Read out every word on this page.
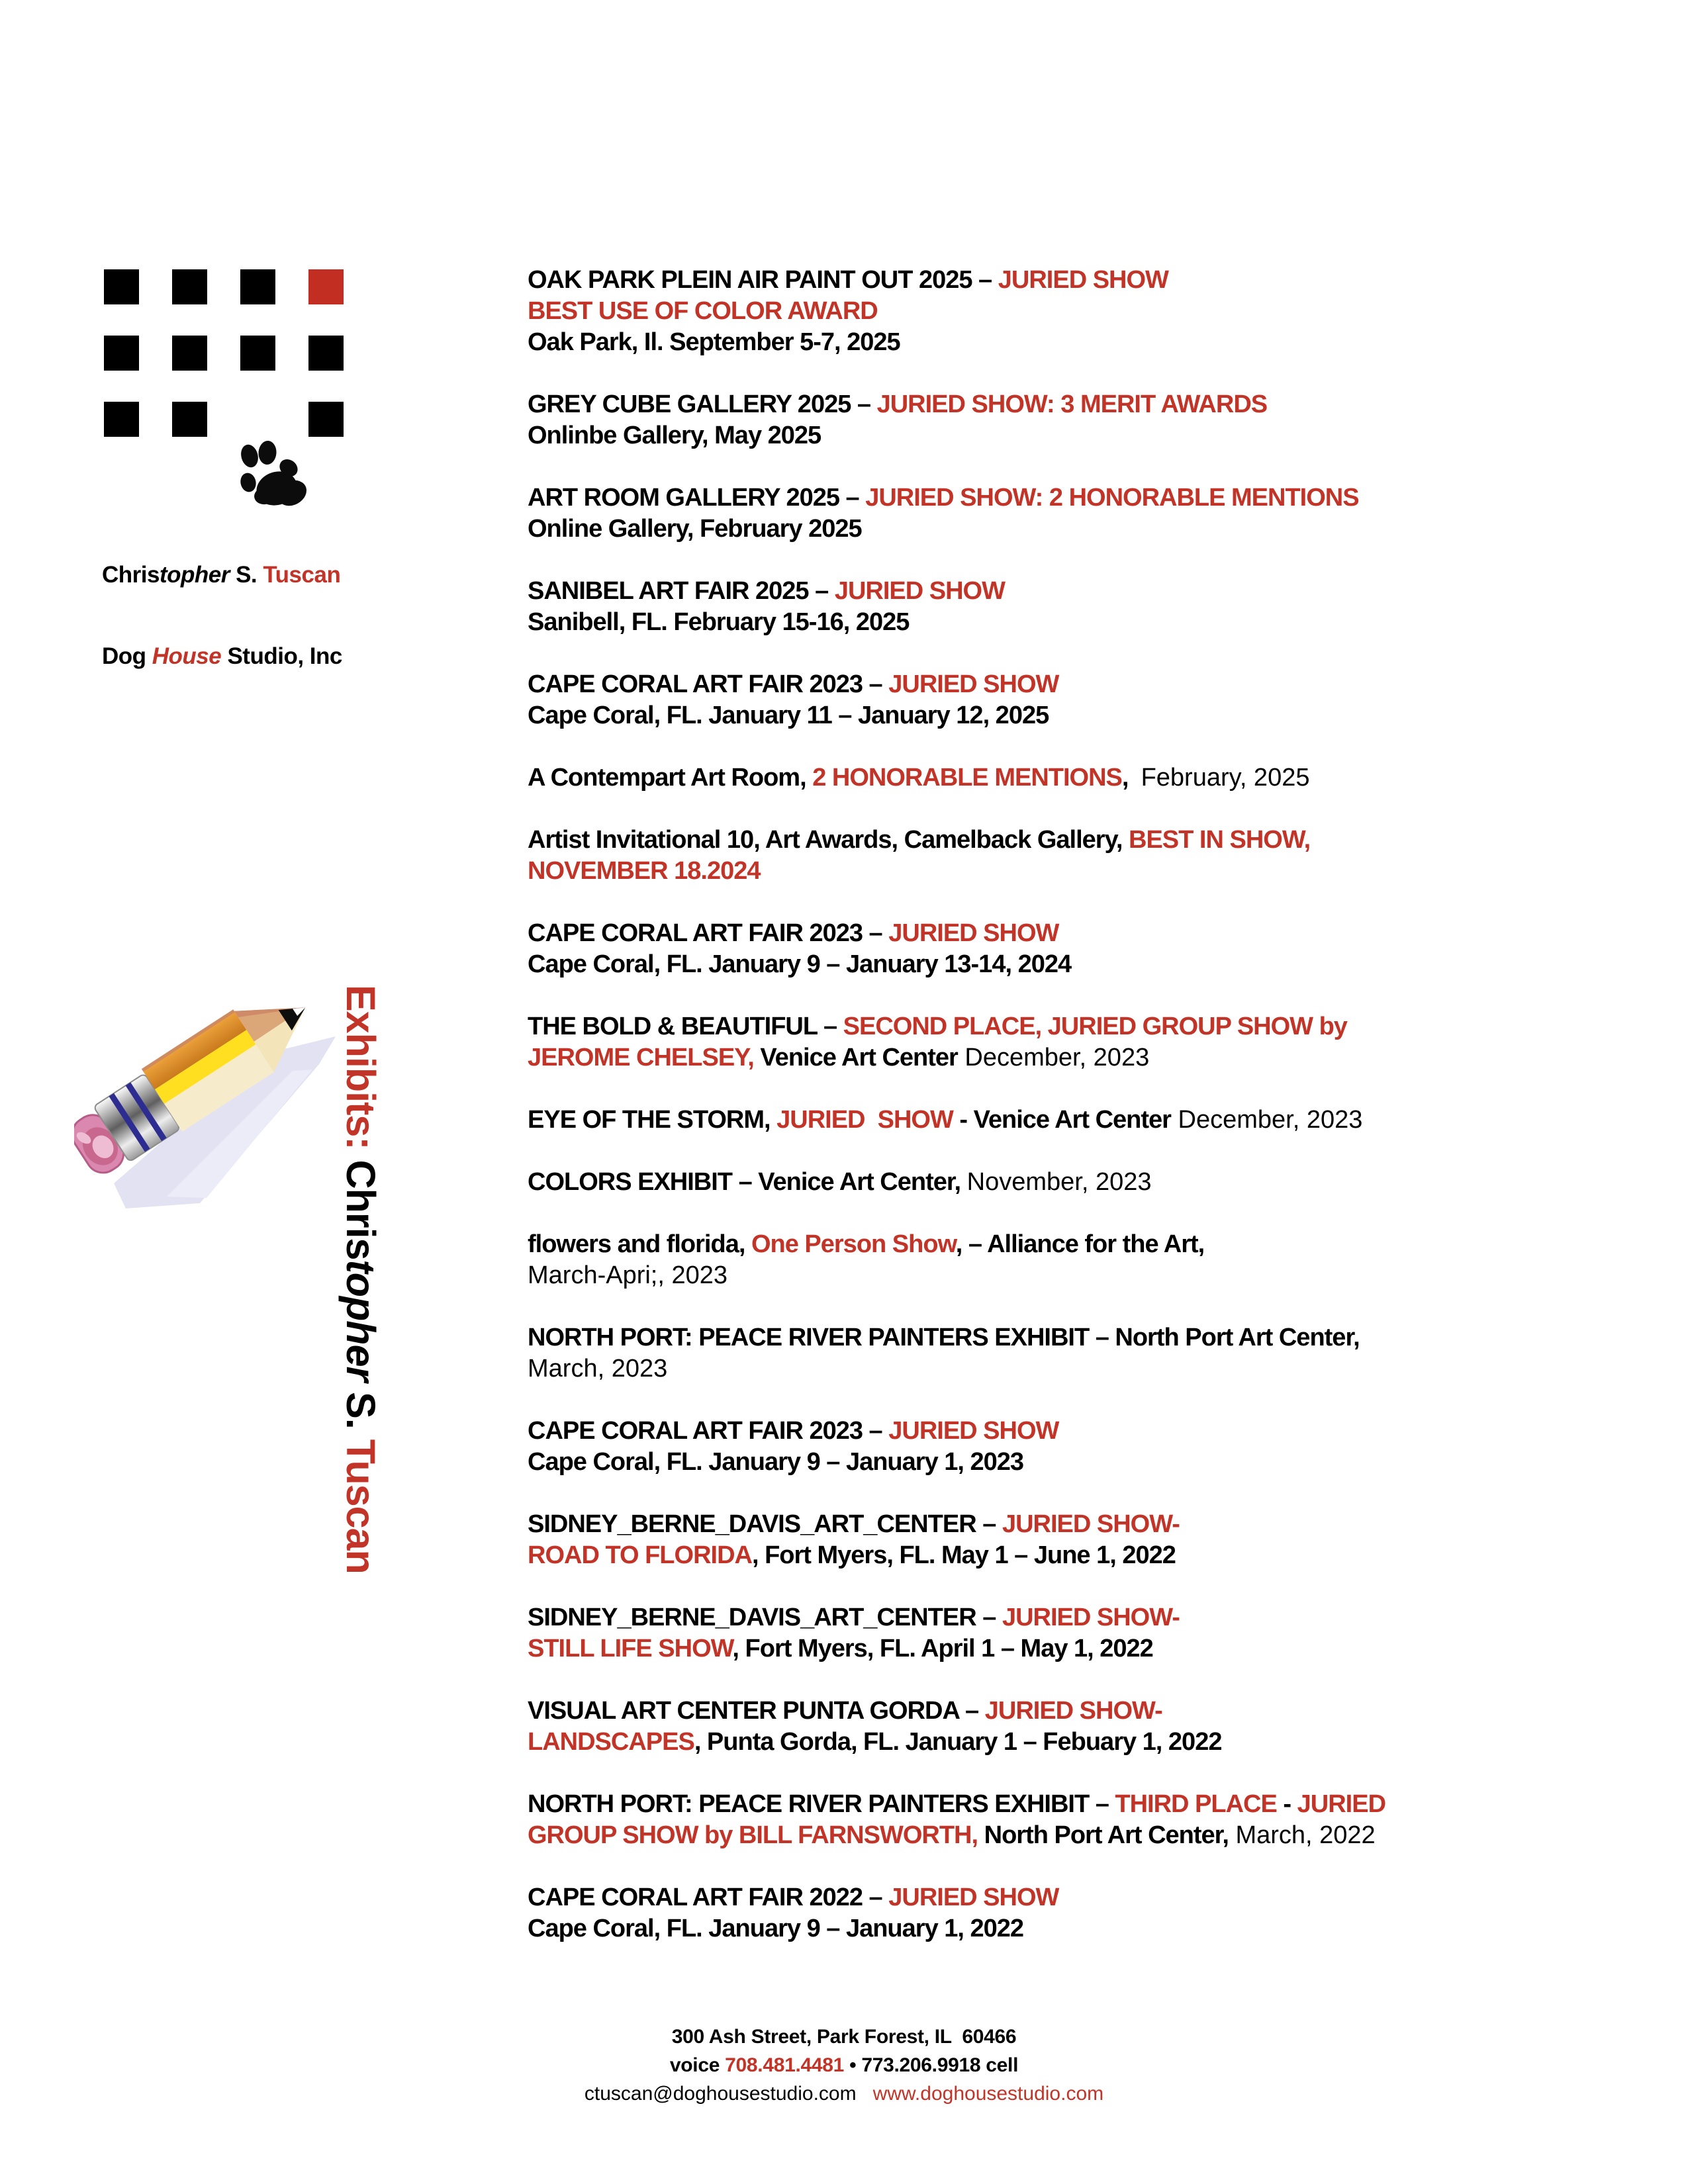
Christopher S. Tuscan

Dog House Studio, Inc

Exhibits: Christopher S. Tuscan
OAK PARK PLEIN AIR PAINT OUT 2025 – JURIED SHOW
BEST USE OF COLOR AWARD
Oak Park, Il. September 5-7, 2025
GREY CUBE GALLERY 2025 – JURIED SHOW: 3 MERIT AWARDS
Onlinbe Gallery, May 2025
ART ROOM GALLERY 2025 – JURIED SHOW: 2 HONORABLE MENTIONS
Online Gallery, February 2025
SANIBEL ART FAIR 2025 – JURIED SHOW
Sanibell, FL. February 15-16, 2025
CAPE CORAL ART FAIR 2023 – JURIED SHOW
Cape Coral, FL. January 11 – January 12, 2025
A Contempart Art Room, 2 HONORABLE MENTIONS,  February, 2025
Artist Invitational 10, Art Awards, Camelback Gallery, BEST IN SHOW,
NOVEMBER 18.2024
CAPE CORAL ART FAIR 2023 – JURIED SHOW
Cape Coral, FL. January 9 – January 13-14, 2024
THE BOLD & BEAUTIFUL – SECOND PLACE, JURIED GROUP SHOW by
JEROME CHELSEY, Venice Art Center December, 2023
EYE OF THE STORM, JURIED  SHOW - Venice Art Center December, 2023
COLORS EXHIBIT – Venice Art Center, November, 2023
flowers and florida, One Person Show, – Alliance for the Art,
March-Apri;, 2023
NORTH PORT: PEACE RIVER PAINTERS EXHIBIT – North Port Art Center,
March, 2023
CAPE CORAL ART FAIR 2023 – JURIED SHOW
Cape Coral, FL. January 9 – January 1, 2023
SIDNEY_BERNE_DAVIS_ART_CENTER – JURIED SHOW-
ROAD TO FLORIDA, Fort Myers, FL. May 1 – June 1, 2022
SIDNEY_BERNE_DAVIS_ART_CENTER – JURIED SHOW-
STILL LIFE SHOW, Fort Myers, FL. April 1 – May 1, 2022
VISUAL ART CENTER PUNTA GORDA – JURIED SHOW-
LANDSCAPES, Punta Gorda, FL. January 1 – Febuary 1, 2022
NORTH PORT: PEACE RIVER PAINTERS EXHIBIT – THIRD PLACE - JURIED
GROUP SHOW by BILL FARNSWORTH, North Port Art Center, March, 2022
CAPE CORAL ART FAIR 2022 – JURIED SHOW
Cape Coral, FL. January 9 – January 1, 2022
300 Ash Street, Park Forest, IL  60466
voice 708.481.4481 • 773.206.9918 cell
ctuscan@doghousestudio.com www.doghousestudio.com
